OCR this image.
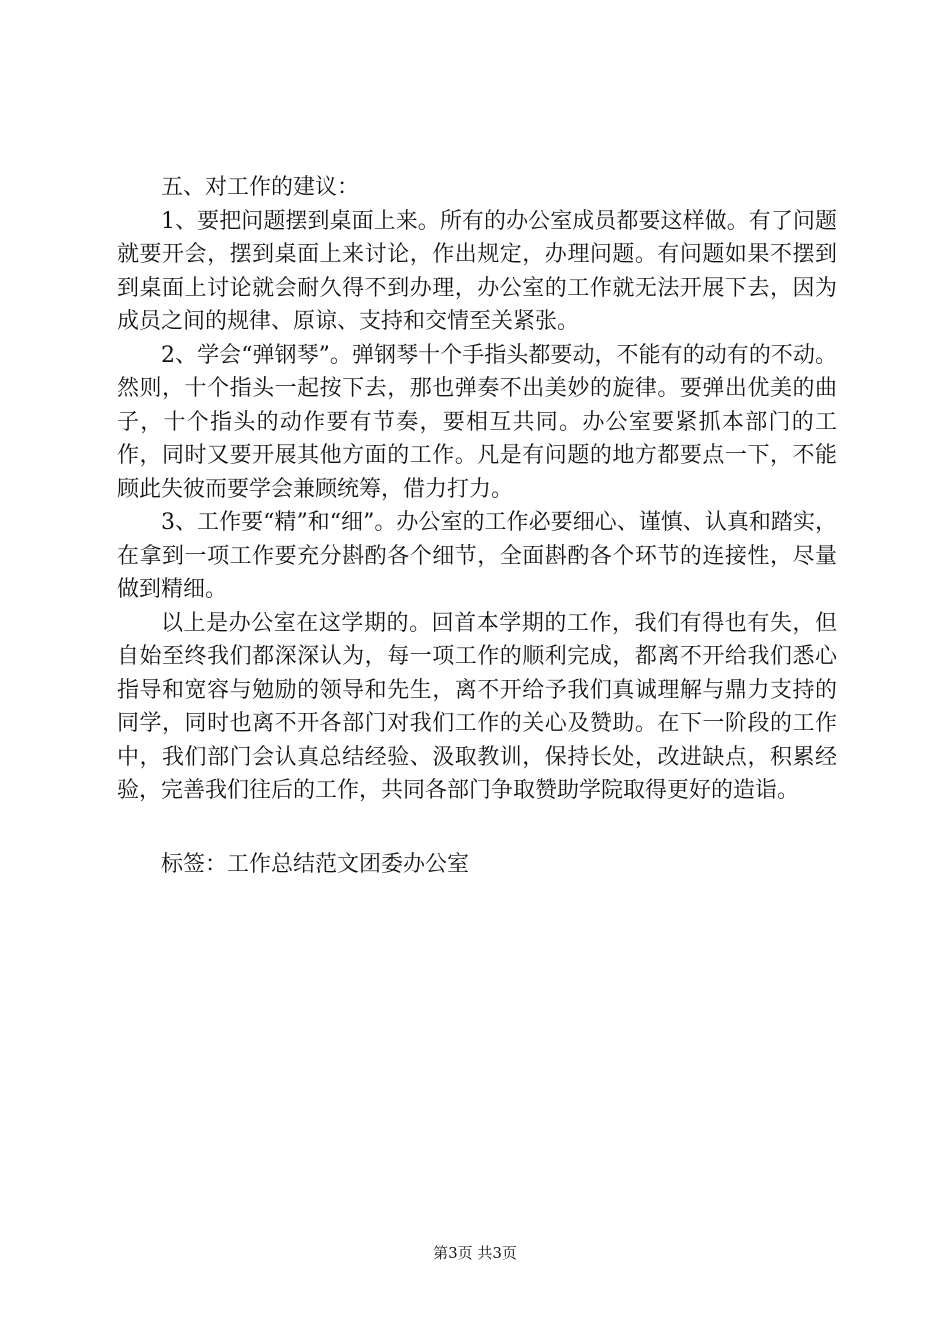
五、对工作的建议：

1、要把问题摆到桌面上来。所有的办公室成员都要这样做。有了问题就要开会，摆到桌面上来讨论，作出规定，办理问题。有问题如果不摆到到桌面上讨论就会耐久得不到办理，办公室的工作就无法开展下去，因为成员之间的规律、原谅、支持和交情至关紧张。

2、学会“弹钢琴”。弹钢琴十个手指头都要动，不能有的动有的不动。然则，十个指头一起按下去，那也弹奏不出美妙的旋律。要弹出优美的曲子，十个指头的动作要有节奏，要相互共同。办公室要紧抓本部门的工作，同时又要开展其他方面的工作。凡是有问题的地方都要点一下，不能顾此失彼而要学会兼顾统筹，借力打力。

3、工作要“精”和“细”。办公室的工作必要细心、谨慎、认真和踏实，在拿到一项工作要充分斟酌各个细节，全面斟酌各个环节的连接性，尽量做到精细。

以上是办公室在这学期的。回首本学期的工作，我们有得也有失，但自始至终我们都深深认为，每一项工作的顺利完成，都离不开给我们悉心指导和宽容与勉励的领导和先生，离不开给予我们真诚理解与鼎力支持的同学，同时也离不开各部门对我们工作的关心及赞助。在下一阶段的工作中，我们部门会认真总结经验、汲取教训，保持长处，改进缺点，积累经验，完善我们往后的工作，共同各部门争取赞助学院取得更好的造诣。

标签：工作总结范文团委办公室

第3页 共3页
